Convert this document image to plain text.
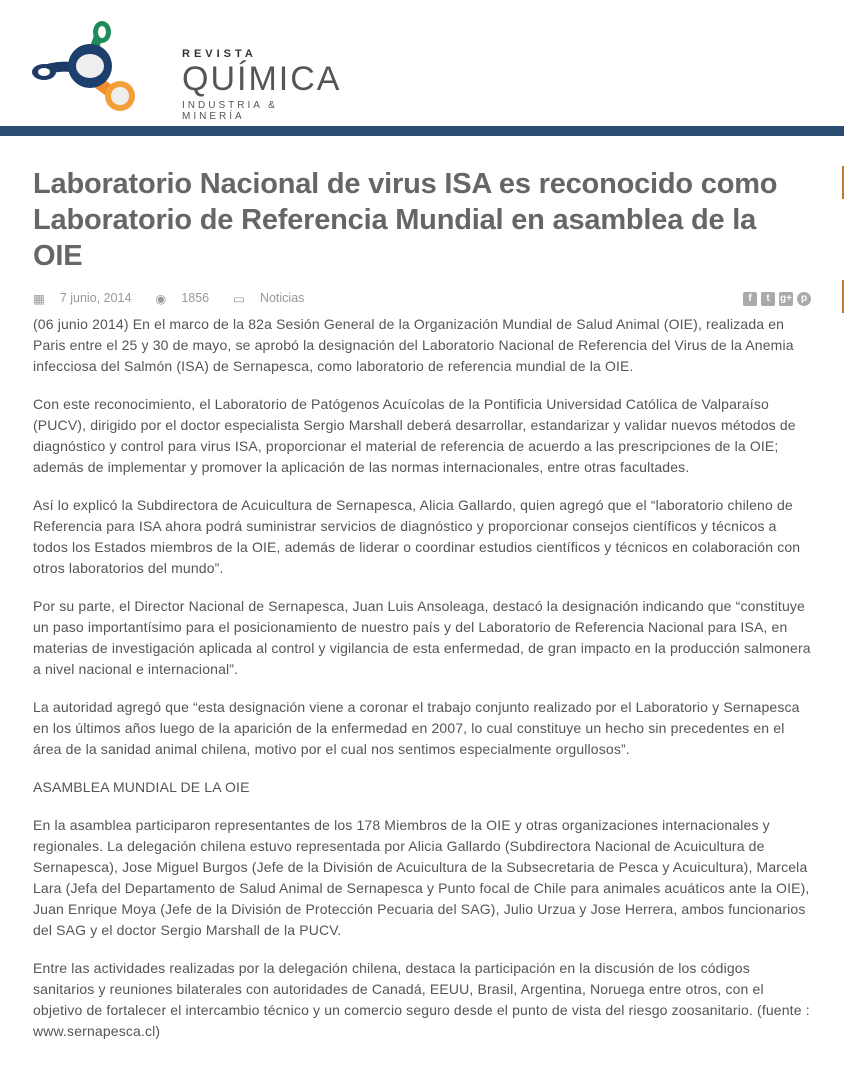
REVISTA
QUÍMICA
INDUSTRIA & MINERÍA
Laboratorio Nacional de virus ISA es reconocido como Laboratorio de Referencia Mundial en asamblea de la OIE
▦ 7 junio, 2014 ◉ 1856 ▭ Noticias	f	t	g+ p

(06 junio 2014) En el marco de la 82a Sesión General de la Organización Mundial de Salud Animal (OIE), realizada en Paris entre el 25 y 30 de mayo, se aprobó la designación del Laboratorio Nacional de Referencia del Virus de la Anemia infecciosa del Salmón (ISA) de Sernapesca, como laboratorio de referencia mundial de la OIE.

Con este reconocimiento, el Laboratorio de Patógenos Acuícolas de la Pontificia Universidad Católica de Valparaíso (PUCV), dirigido por el doctor especialista Sergio Marshall deberá desarrollar, estandarizar y validar nuevos métodos de diagnóstico y control para virus ISA, proporcionar el material de referencia de acuerdo a las prescripciones de la OIE; además de implementar y promover la aplicación de las normas internacionales, entre otras facultades.

Así lo explicó la Subdirectora de Acuicultura de Sernapesca, Alicia Gallardo, quien agregó que el “laboratorio chileno de Referencia para ISA ahora podrá suministrar servicios de diagnóstico y proporcionar consejos científicos y técnicos a todos los Estados miembros de la OIE, además de liderar o coordinar estudios científicos y técnicos en colaboración con otros laboratorios del mundo”.

Por su parte, el Director Nacional de Sernapesca, Juan Luis Ansoleaga, destacó la designación indicando que “constituye un paso importantísimo para el posicionamiento de nuestro país y del Laboratorio de Referencia Nacional para ISA, en materias de investigación aplicada al control y vigilancia de esta enfermedad, de gran impacto en la producción salmonera a nivel nacional e internacional”.

La autoridad agregó que “esta designación viene a coronar el trabajo conjunto realizado por el Laboratorio y Sernapesca en los últimos años luego de la aparición de la enfermedad en 2007, lo cual constituye un hecho sin precedentes en el área de la sanidad animal chilena, motivo por el cual nos sentimos especialmente orgullosos”.

ASAMBLEA MUNDIAL DE LA OIE

En la asamblea participaron representantes de los 178 Miembros de la OIE y otras organizaciones internacionales y regionales. La delegación chilena estuvo representada por Alicia Gallardo (Subdirectora Nacional de Acuicultura de Sernapesca), Jose Miguel Burgos (Jefe de la División de Acuicultura de la Subsecretaria de Pesca y Acuicultura), Marcela Lara (Jefa del Departamento de Salud Animal de Sernapesca y Punto focal de Chile para animales acuáticos ante la OIE), Juan Enrique Moya (Jefe de la División de Protección Pecuaria del SAG), Julio Urzua y Jose Herrera, ambos funcionarios del SAG y el doctor Sergio Marshall de la PUCV.

Entre las actividades realizadas por la delegación chilena, destaca la participación en la discusión de los códigos sanitarios y reuniones bilaterales con autoridades de Canadá, EEUU, Brasil, Argentina, Noruega entre otros, con el objetivo de fortalecer el intercambio técnico y un comercio seguro desde el punto de vista del riesgo zoosanitario. (fuente : www.sernapesca.cl)
